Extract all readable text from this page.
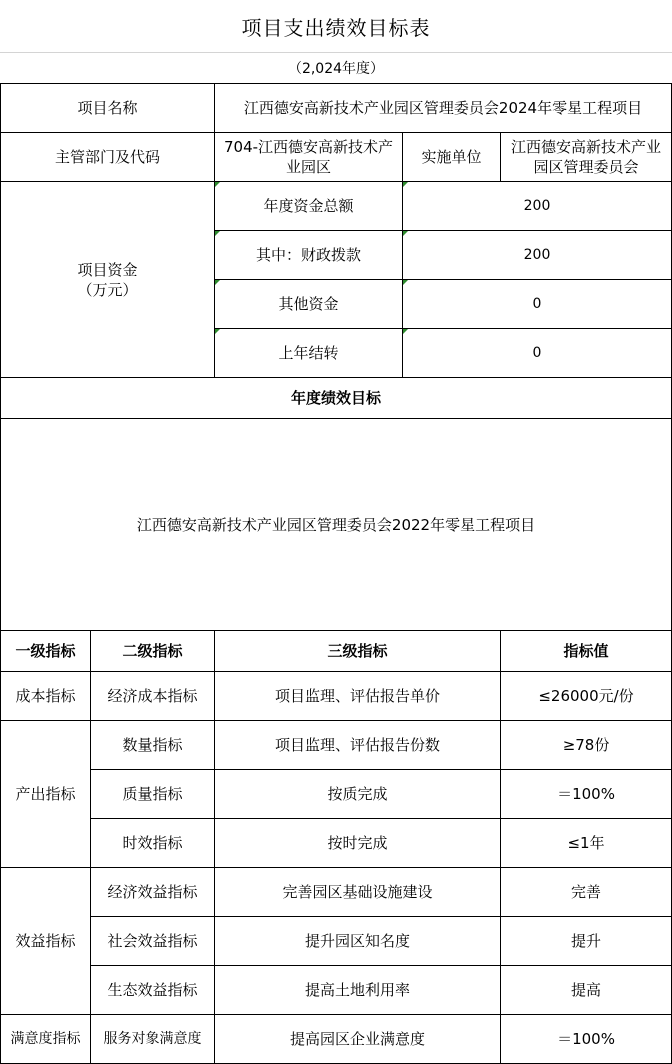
项目支出绩效目标表
（2,024年度）
项目名称		江西德安高新技术产业园区管理委员会2024年零星工程项目		
主管部门及代码		704-江西德安高新技术产业园区	实施单位	江西德安高新技术产业园区管理委员会

项目资金
（万元）		年度资金总额	200	
		其中：财政拨款	200	
		其他资金	0	
		上年结转	0	
年度绩效目标				
江西德安高新技术产业园区管理委员会2022年零星工程项目				
一级指标	二级指标	三级指标		指标值
成本指标	经济成本指标	项目监理、评估报告单价		≤26000元/份
产出指标	数量指标	项目监理、评估报告份数		≥78份
	质量指标	按质完成		＝100%
	时效指标	按时完成		≤1年
效益指标	经济效益指标	完善园区基础设施建设		完善
	社会效益指标	提升园区知名度		提升
	生态效益指标	提高土地利用率		提高
满意度指标	服务对象满意度	提高园区企业满意度		＝100%
